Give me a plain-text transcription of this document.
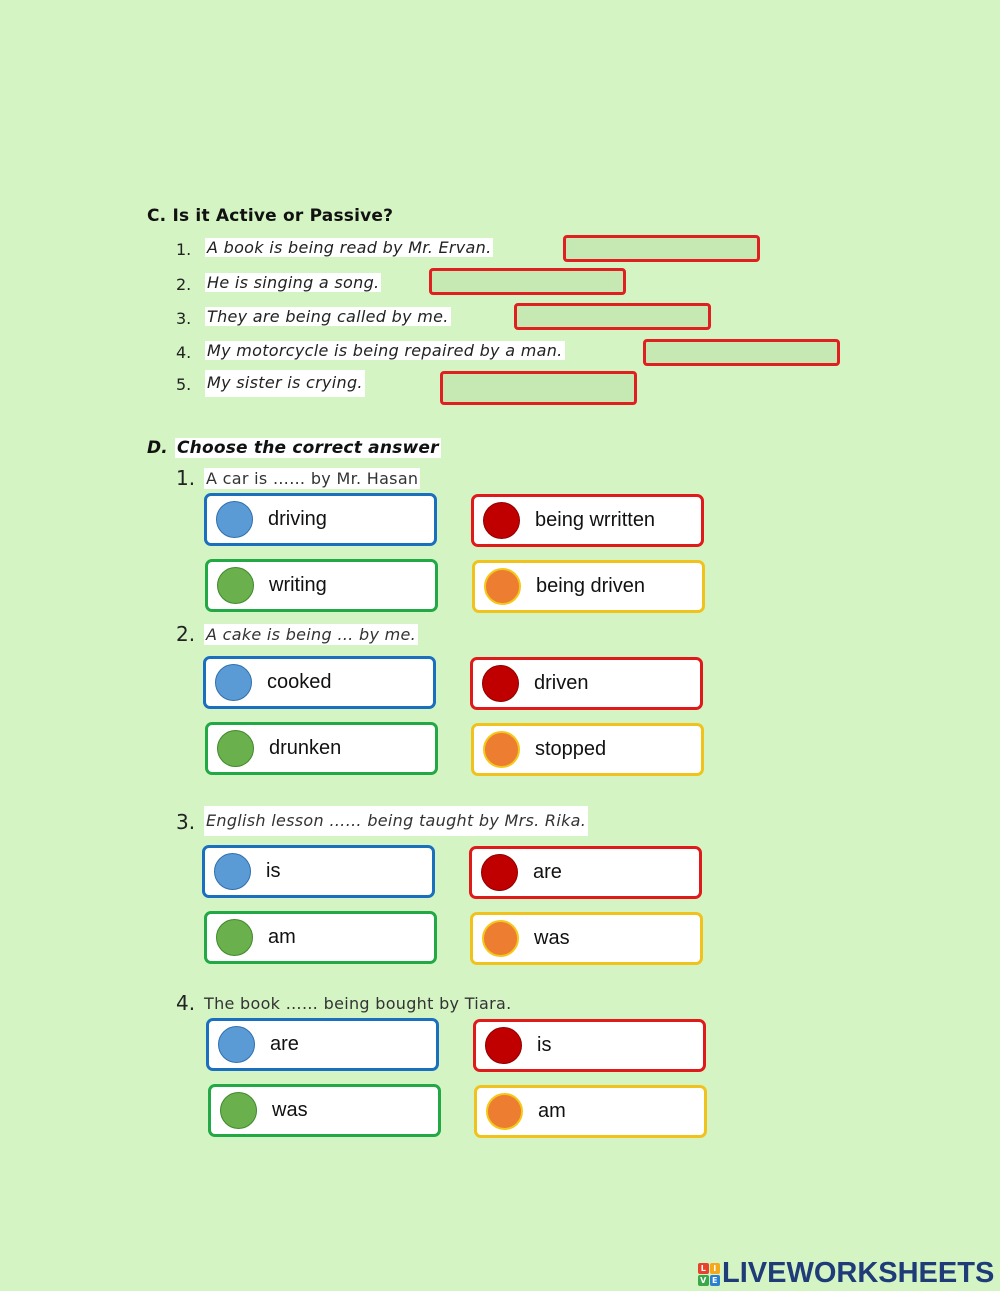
C. Is it Active or Passive?
1. A book is being read by Mr. Ervan.
2. He is singing a song.
3. They are being called by me.
4. My motorcycle is being repaired by a man.
5. My sister is crying.
D. Choose the correct answer
1. A car is …… by Mr. Hasan
driving	being wrritten
writing	being driven
2. A cake is being … by me.
cooked	driven
drunken	stopped
3. English lesson …… being taught by Mrs. Rika.
is	are
am	was
4. The book …… being bought by Tiara.
are	is
was	am
L I
V E LIVEWORKSHEETS
